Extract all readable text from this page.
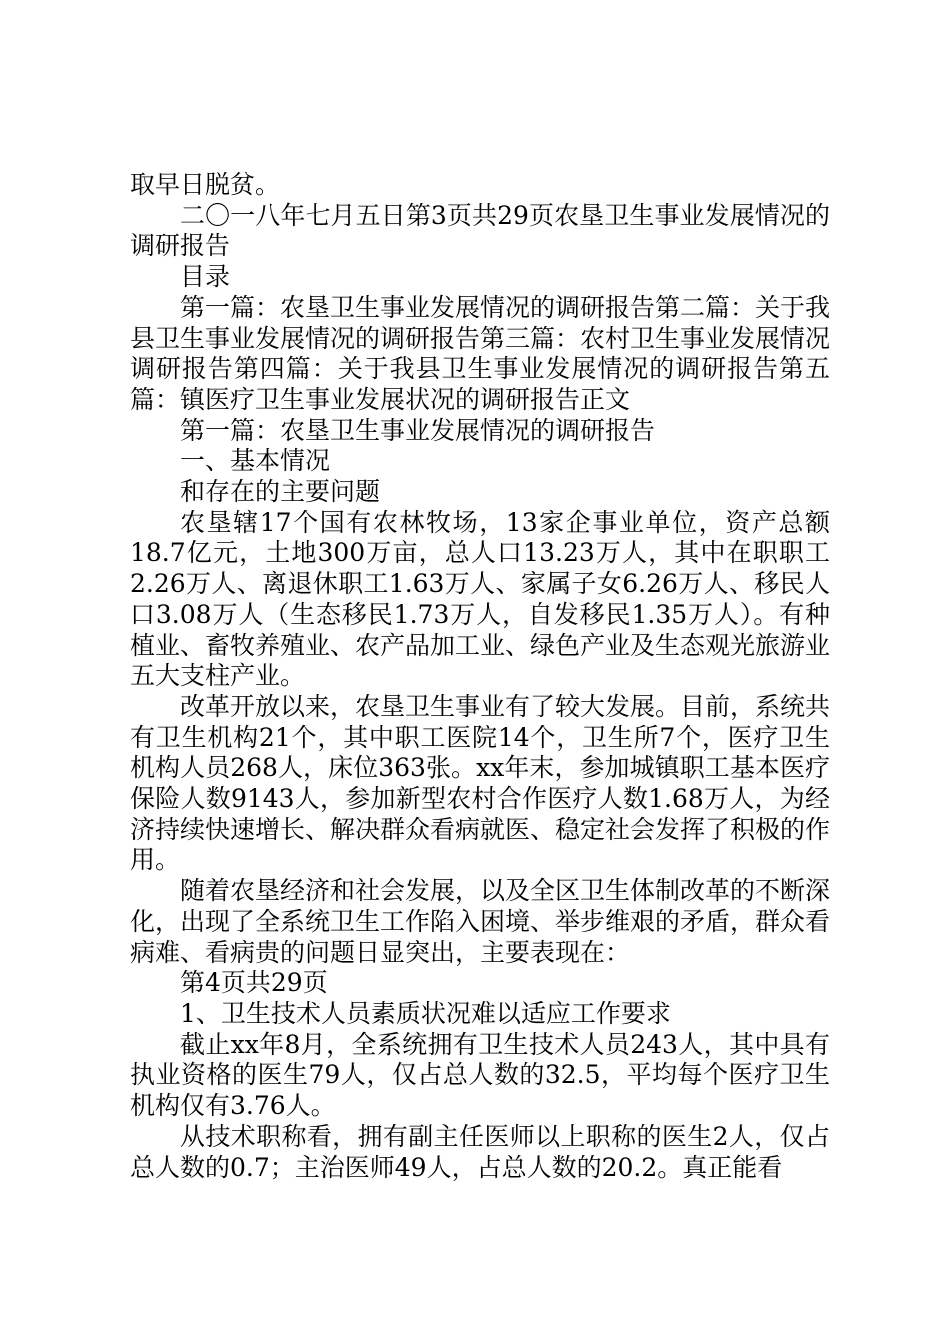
取早日脱贫。

二〇一八年七月五日第3页共29页农垦卫生事业发展情况的调研报告

目录

第一篇：农垦卫生事业发展情况的调研报告第二篇：关于我县卫生事业发展情况的调研报告第三篇：农村卫生事业发展情况调研报告第四篇：关于我县卫生事业发展情况的调研报告第五篇：镇医疗卫生事业发展状况的调研报告正文

第一篇：农垦卫生事业发展情况的调研报告

一、基本情况

和存在的主要问题

农垦辖17个国有农林牧场，13家企事业单位，资产总额18.7亿元，土地300万亩，总人口13.23万人，其中在职职工2.26万人、离退休职工1.63万人、家属子女6.26万人、移民人口3.08万人（生态移民1.73万人，自发移民1.35万人）。有种植业、畜牧养殖业、农产品加工业、绿色产业及生态观光旅游业五大支柱产业。

改革开放以来，农垦卫生事业有了较大发展。目前，系统共有卫生机构21个，其中职工医院14个，卫生所7个，医疗卫生机构人员268人，床位363张。xx年末，参加城镇职工基本医疗保险人数9143人，参加新型农村合作医疗人数1.68万人，为经济持续快速增长、解决群众看病就医、稳定社会发挥了积极的作用。

随着农垦经济和社会发展，以及全区卫生体制改革的不断深化，出现了全系统卫生工作陷入困境、举步维艰的矛盾，群众看病难、看病贵的问题日显突出，主要表现在：

第4页共29页

1、卫生技术人员素质状况难以适应工作要求

截止xx年8月，全系统拥有卫生技术人员243人，其中具有执业资格的医生79人，仅占总人数的32.5，平均每个医疗卫生机构仅有3.76人。

从技术职称看，拥有副主任医师以上职称的医生2人，仅占总人数的0.7；主治医师49人，占总人数的20.2。真正能看
